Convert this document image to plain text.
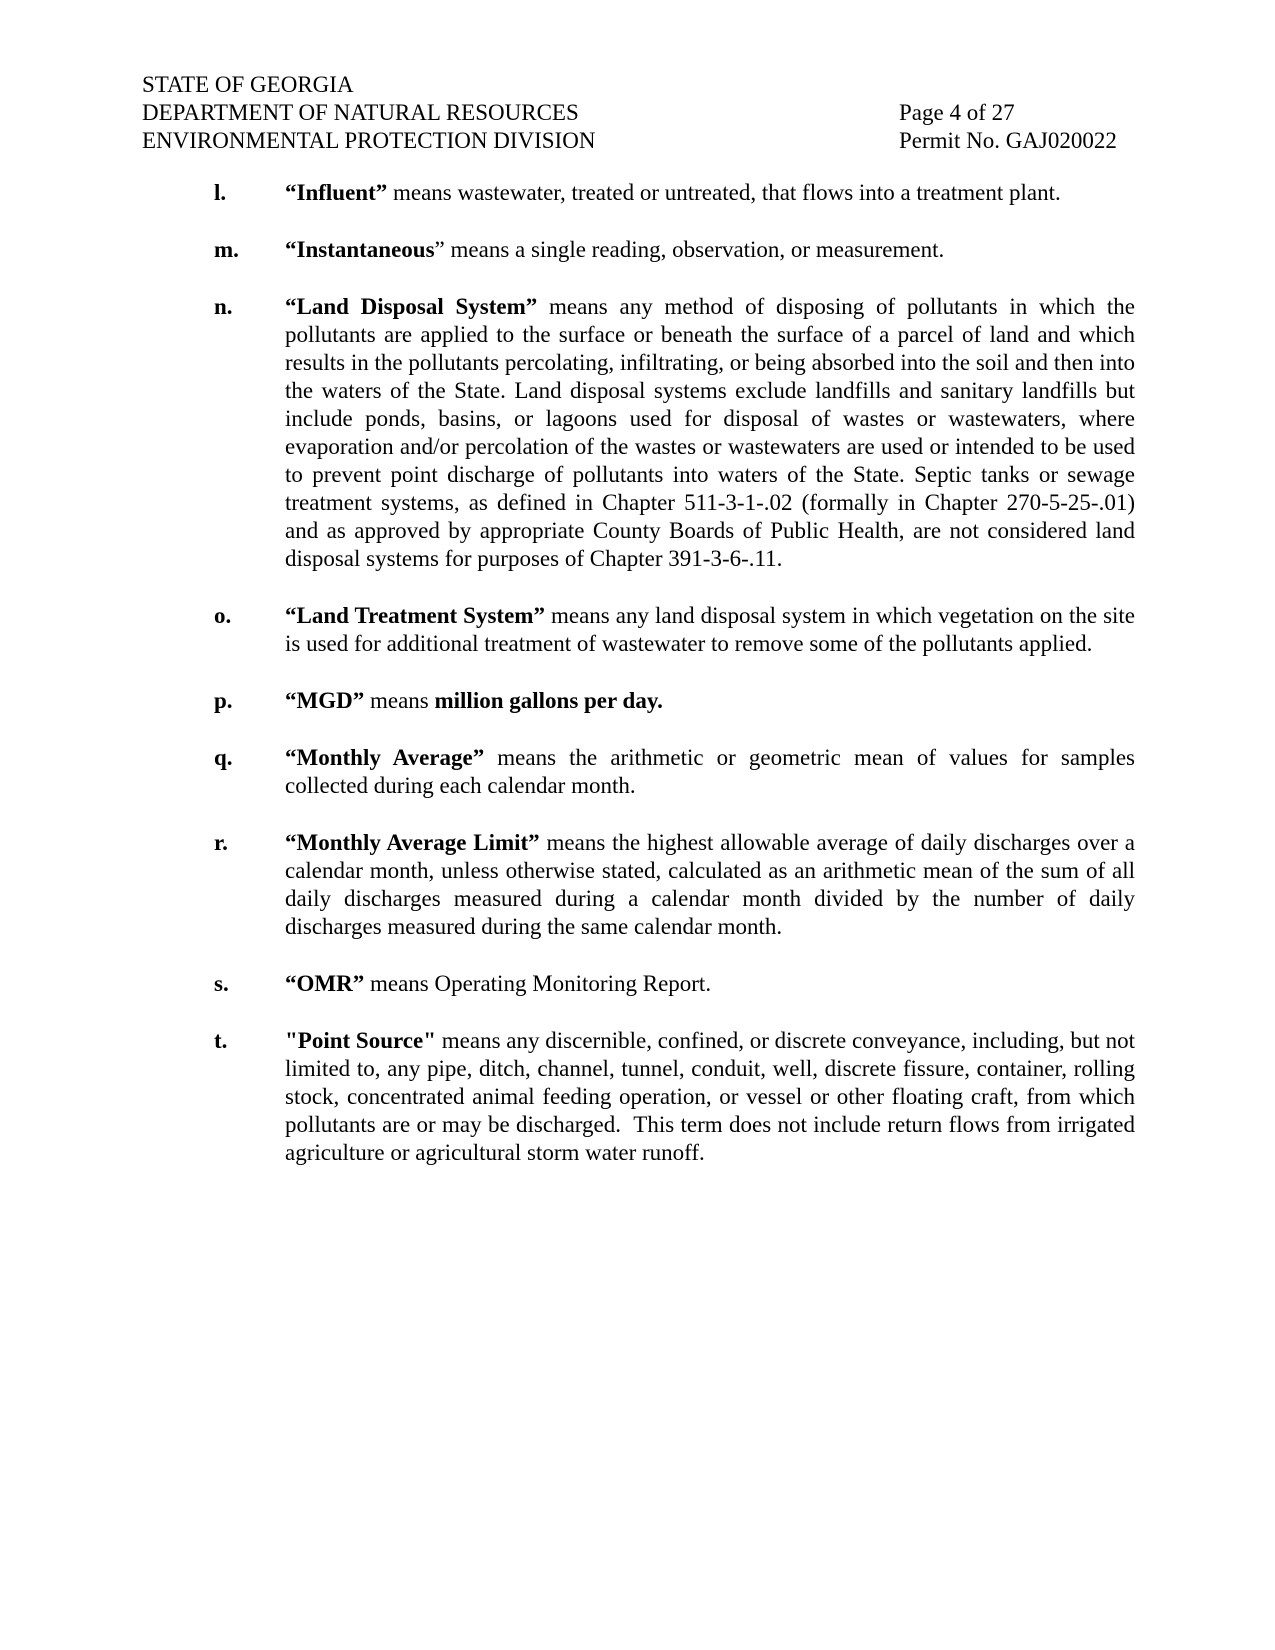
STATE OF GEORGIA
DEPARTMENT OF NATURAL RESOURCES
ENVIRONMENTAL PROTECTION DIVISION
Page 4 of 27
Permit No. GAJ020022
l.	“Influent” means wastewater, treated or untreated, that flows into a treatment plant.

m.	“Instantaneous” means a single reading, observation, or measurement.

n.	“Land Disposal System” means any method of disposing of pollutants in which the pollutants are applied to the surface or beneath the surface of a parcel of land and which results in the pollutants percolating, infiltrating, or being absorbed into the soil and then into the waters of the State. Land disposal systems exclude landfills and sanitary landfills but include ponds, basins, or lagoons used for disposal of wastes or wastewaters, where evaporation and/or percolation of the wastes or wastewaters are used or intended to be used to prevent point discharge of pollutants into waters of the State. Septic tanks or sewage treatment systems, as defined in Chapter 511-3-1-.02 (formally in Chapter 270-5-25-.01) and as approved by appropriate County Boards of Public Health, are not considered land disposal systems for purposes of Chapter 391-3-6-.11.

o.	“Land Treatment System” means any land disposal system in which vegetation on the site is used for additional treatment of wastewater to remove some of the pollutants applied.

p.	“MGD” means million gallons per day.

q.	“Monthly Average” means the arithmetic or geometric mean of values for samples collected during each calendar month.

r.	“Monthly Average Limit” means the highest allowable average of daily discharges over a calendar month, unless otherwise stated, calculated as an arithmetic mean of the sum of all daily discharges measured during a calendar month divided by the number of daily discharges measured during the same calendar month.

s.	“OMR” means Operating Monitoring Report.

t.	"Point Source" means any discernible, confined, or discrete conveyance, including, but not limited to, any pipe, ditch, channel, tunnel, conduit, well, discrete fissure, container, rolling stock, concentrated animal feeding operation, or vessel or other floating craft, from which pollutants are or may be discharged.  This term does not include return flows from irrigated agriculture or agricultural storm water runoff.
